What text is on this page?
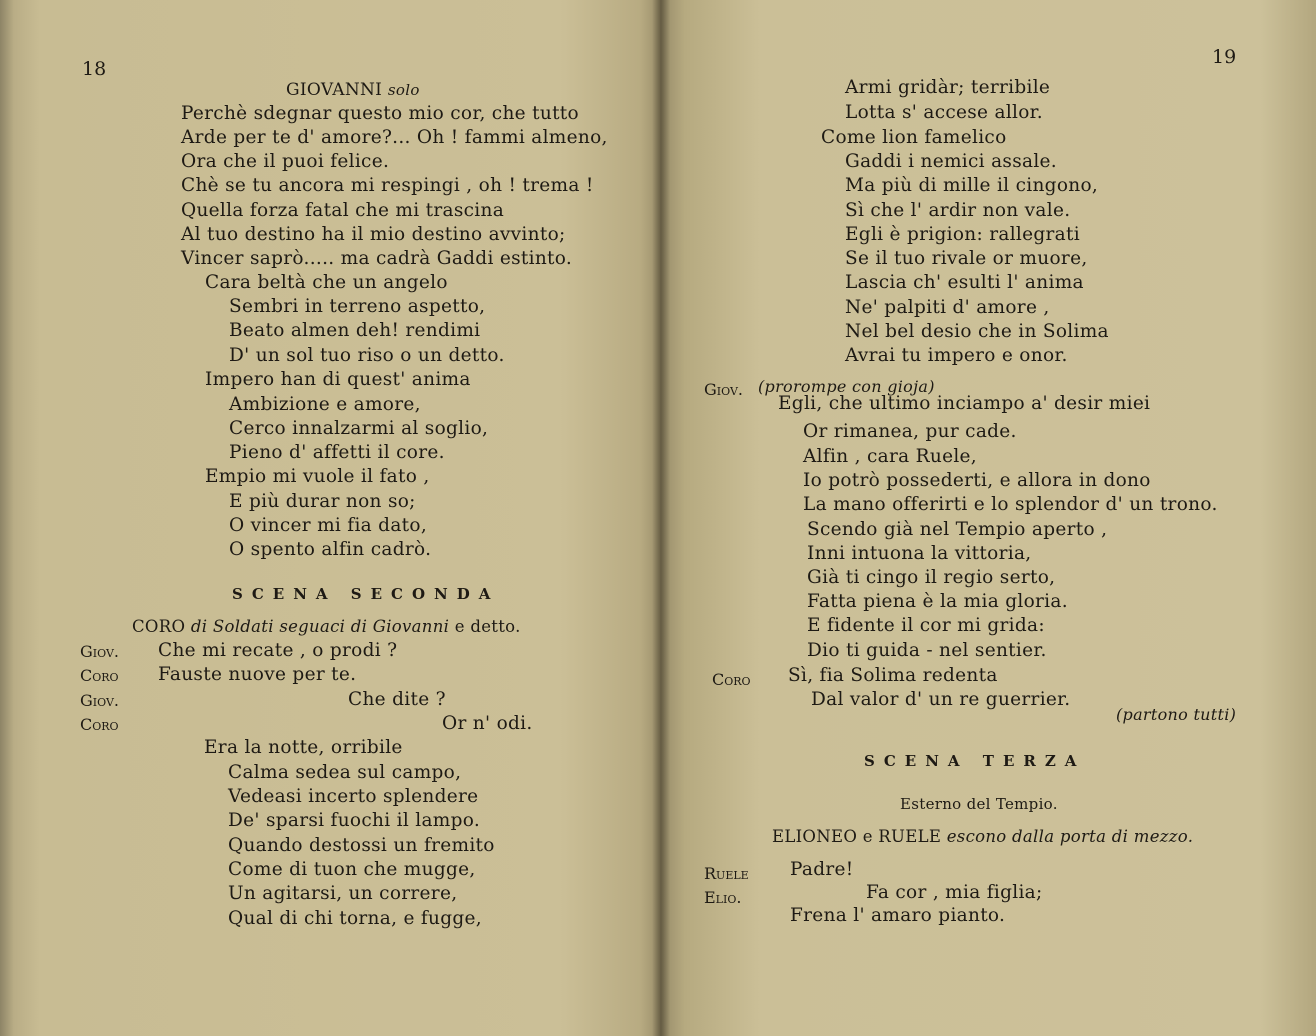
18
GIOVANNI solo
Perchè sdegnar questo mio cor, che tutto
Arde per te d' amore?... Oh ! fammi almeno,
Ora che il puoi felice.
Chè se tu ancora mi respingi , oh ! trema !
Quella forza fatal che mi trascina
Al tuo destino ha il mio destino avvinto;
Vincer saprò..... ma cadrà Gaddi estinto.
Cara beltà che un angelo
Sembri in terreno aspetto,
Beato almen deh! rendimi
D' un sol tuo riso o un detto.
Impero han di quest' anima
Ambizione e amore,
Cerco innalzarmi al soglio,
Pieno d' affetti il core.
Empio mi vuole il fato ,
E più durar non so;
O vincer mi fia dato,
O spento alfin cadrò.
SCENA SECONDA
CORO di Soldati seguaci di Giovanni e detto.
Giov. Che mi recate , o prodi ?
Coro Fauste nuove per te.
Giov.	Che dite ?
Coro	Or n' odi.
Era la notte, orribile
Calma sedea sul campo,
Vedeasi incerto splendere
De' sparsi fuochi il lampo.
Quando destossi un fremito
Come di tuon che mugge,
Un agitarsi, un correre,
Qual di chi torna, e fugge,
19
Armi gridàr; terribile
Lotta s' accese allor.
Come lion famelico
Gaddi i nemici assale.
Ma più di mille il cingono,
Sì che l' ardir non vale.
Egli è prigion: rallegrati
Se il tuo rivale or muore,
Lascia ch' esulti l' anima
Ne' palpiti d' amore ,
Nel bel desio che in Solima
Avrai tu impero e onor.
Giov. (prorompe con gioja)
Egli, che ultimo inciampo a' desir miei
Or rimanea, pur cade.
Alfin , cara Ruele,
Io potrò possederti, e allora in dono
La mano offerirti e lo splendor d' un trono.
Scendo già nel Tempio aperto ,
Inni intuona la vittoria,
Già ti cingo il regio serto,
Fatta piena è la mia gloria.
E fidente il cor mi grida:
Dio ti guida - nel sentier.
Coro Sì, fia Solima redenta
Dal valor d' un re guerrier.
(partono tutti)
SCENA TERZA
Esterno del Tempio.
ELIONEO e RUELE escono dalla porta di mezzo.
Ruele Padre!
Elio.	Fa cor , mia figlia;
Frena l' amaro pianto.
